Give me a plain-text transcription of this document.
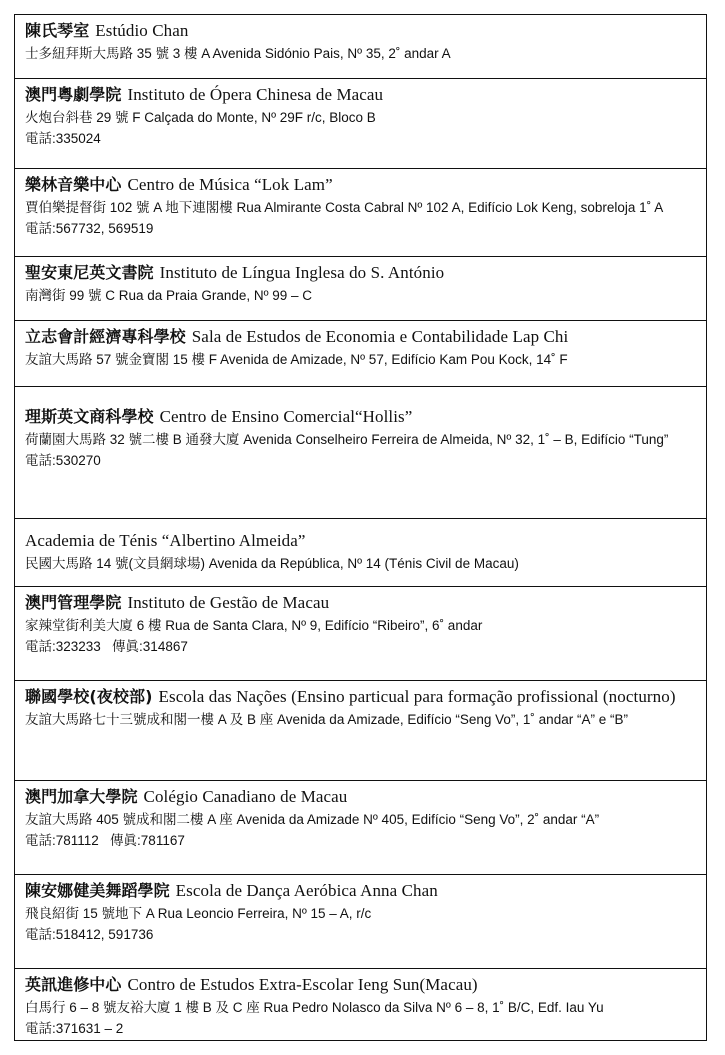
陳氏琴室 Estúdio Chan
士多紐拜斯大馬路 35 號 3 樓 A Avenida Sidónio Pais, Nº 35, 2˚ andar A
澳門粵劇學院 Instituto de Ópera Chinesa de Macau
火炮台斜巷 29 號 F Calçada do Monte, Nº 29F r/c, Bloco B
電話:335024
樂林音樂中心 Centro de Música “Lok Lam”
賈伯樂提督街 102 號 A 地下連閣樓 Rua Almirante Costa Cabral Nº 102 A, Edifício Lok Keng, sobreloja 1˚ A
電話:567732, 569519
聖安東尼英文書院 Instituto de Língua Inglesa do S. António
南灣街 99 號 C Rua da Praia Grande, Nº 99 – C
立志會計經濟專科學校 Sala de Estudos de Economia e Contabilidade Lap Chi
友誼大馬路 57 號金寶閣 15 樓 F Avenida de Amizade, Nº 57, Edifício Kam Pou Kock, 14˚ F
理斯英文商科學校 Centro de Ensino Comercial“Hollis”
荷蘭園大馬路 32 號二樓 B 通發大廈 Avenida Conselheiro Ferreira de Almeida, Nº 32, 1˚ – B, Edifício “Tung”
電話:530270
Academia de Ténis “Albertino Almeida”
民國大馬路 14 號(文員網球場) Avenida da República, Nº 14 (Ténis Civil de Macau)
澳門管理學院 Instituto de Gestão de Macau
家辣堂街利美大廈 6 樓 Rua de Santa Clara, Nº 9, Edifício “Ribeiro”, 6˚ andar
電話:323233   傳眞:314867
聯國學校(夜校部) Escola das Nações (Ensino particual para formação profissional (nocturno)
友誼大馬路七十三號成和閣一樓 A 及 B 座 Avenida da Amizade, Edifício “Seng Vo”, 1˚ andar “A” e “B”
澳門加拿大學院 Colégio Canadiano de Macau
友誼大馬路 405 號成和閣二樓 A 座 Avenida da Amizade Nº 405, Edifício “Seng Vo”, 2˚ andar “A”
電話:781112   傳眞:781167
陳安娜健美舞蹈學院 Escola de Dança Aeróbica Anna Chan
飛良紹街 15 號地下 A Rua Leoncio Ferreira, Nº 15 – A, r/c
電話:518412, 591736
英訊進修中心 Contro de Estudos Extra-Escolar Ieng Sun(Macau)
白馬行 6 – 8 號友裕大廈 1 樓 B 及 C 座 Rua Pedro Nolasco da Silva Nº 6 – 8, 1˚ B/C, Edf. Iau Yu
電話:371631 – 2
